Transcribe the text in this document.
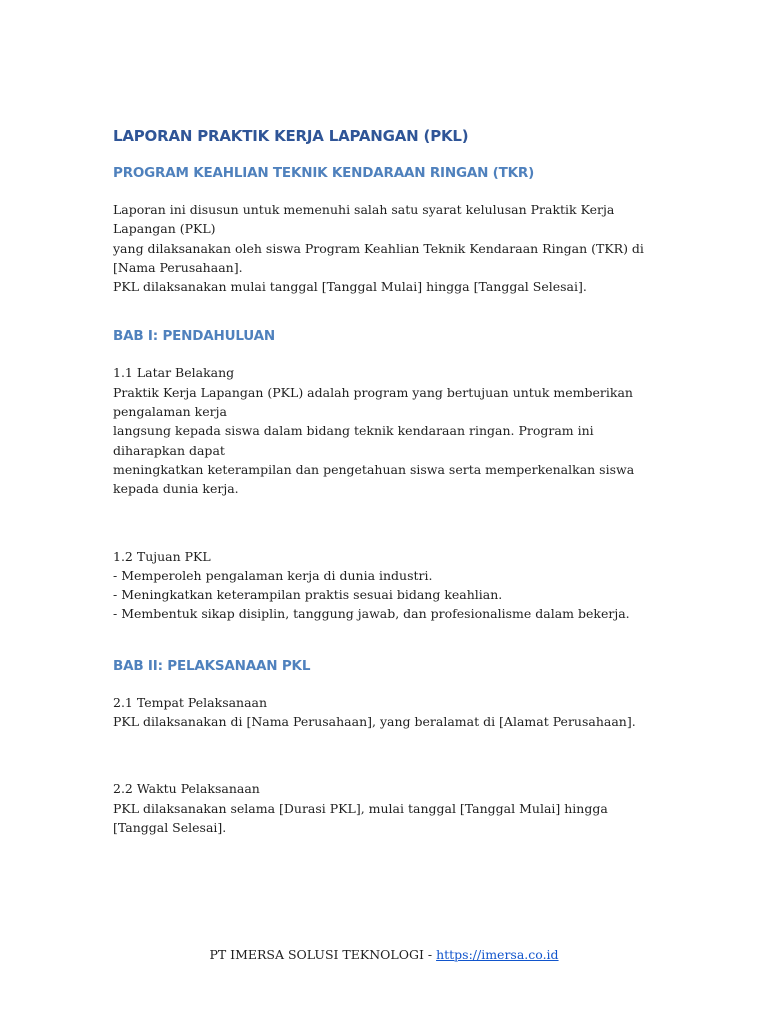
LAPORAN PRAKTIK KERJA LAPANGAN (PKL)
PROGRAM KEAHLIAN TEKNIK KENDARAAN RINGAN (TKR)
Laporan ini disusun untuk memenuhi salah satu syarat kelulusan Praktik Kerja Lapangan (PKL)
yang dilaksanakan oleh siswa Program Keahlian Teknik Kendaraan Ringan (TKR) di [Nama Perusahaan].
PKL dilaksanakan mulai tanggal [Tanggal Mulai] hingga [Tanggal Selesai].
BAB I: PENDAHULUAN
1.1 Latar Belakang
Praktik Kerja Lapangan (PKL) adalah program yang bertujuan untuk memberikan pengalaman kerja
langsung kepada siswa dalam bidang teknik kendaraan ringan. Program ini diharapkan dapat
meningkatkan keterampilan dan pengetahuan siswa serta memperkenalkan siswa kepada dunia kerja.
1.2 Tujuan PKL
- Memperoleh pengalaman kerja di dunia industri.
- Meningkatkan keterampilan praktis sesuai bidang keahlian.
- Membentuk sikap disiplin, tanggung jawab, dan profesionalisme dalam bekerja.
BAB II: PELAKSANAAN PKL
2.1 Tempat Pelaksanaan
PKL dilaksanakan di [Nama Perusahaan], yang beralamat di [Alamat Perusahaan].
2.2 Waktu Pelaksanaan
PKL dilaksanakan selama [Durasi PKL], mulai tanggal [Tanggal Mulai] hingga [Tanggal Selesai].
PT IMERSA SOLUSI TEKNOLOGI - https://imersa.co.id
